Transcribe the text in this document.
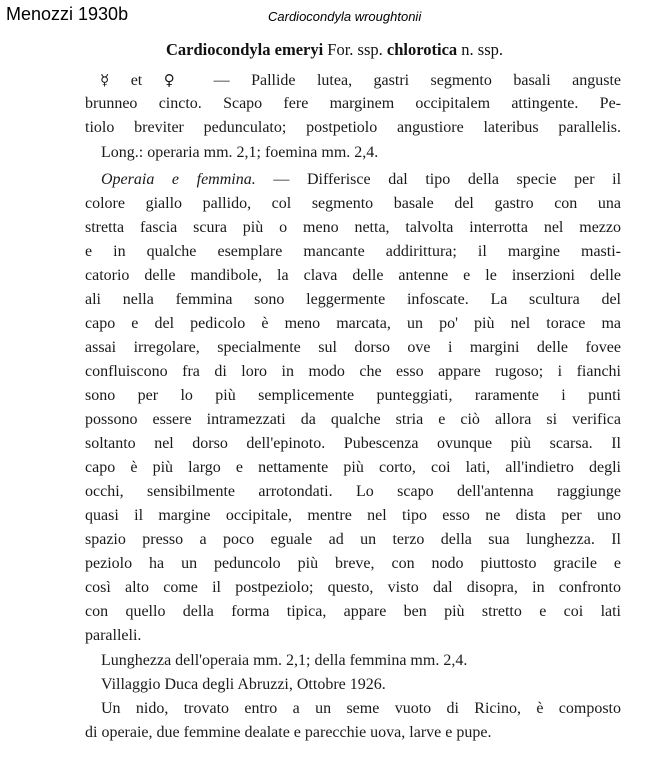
Menozzi 1930b	Cardiocondyla wroughtonii
Cardiocondyla emeryi For. ssp. chlorotica n. ssp.
☿ et ♀ — Pallide lutea, gastri segmento basali anguste
brunneo cincto. Scapo fere marginem occipitalem attingente. Pe-
tiolo breviter pedunculato; postpetiolo angustiore lateribus parallelis.
Long.: operaria mm. 2,1; foemina mm. 2,4.
Operaia e femmina. — Differisce dal tipo della specie per il
colore giallo pallido, col segmento basale del gastro con una
stretta fascia scura più o meno netta, talvolta interrotta nel mezzo
e in qualche esemplare mancante addirittura; il margine masti-
catorio delle mandibole, la clava delle antenne e le inserzioni delle
ali nella femmina sono leggermente infoscate. La scultura del
capo e del pedicolo è meno marcata, un po' più nel torace ma
assai irregolare, specialmente sul dorso ove i margini delle fovee
confluiscono fra di loro in modo che esso appare rugoso; i fianchi
sono per lo più semplicemente punteggiati, raramente i punti
possono essere intramezzati da qualche stria e ciò allora si verifica
soltanto nel dorso dell'epinoto. Pubescenza ovunque più scarsa. Il
capo è più largo e nettamente più corto, coi lati, all'indietro degli
occhi, sensibilmente arrotondati. Lo scapo dell'antenna raggiunge
quasi il margine occipitale, mentre nel tipo esso ne dista per uno
spazio presso a poco eguale ad un terzo della sua lunghezza. Il
peziolo ha un peduncolo più breve, con nodo piuttosto gracile e
così alto come il postpeziolo; questo, visto dal disopra, in confronto
con quello della forma tipica, appare ben più stretto e coi lati
paralleli.
Lunghezza dell'operaia mm. 2,1; della femmina mm. 2,4.
Villaggio Duca degli Abruzzi, Ottobre 1926.
Un nido, trovato entro a un seme vuoto di Ricino, è composto
di operaie, due femmine dealate e parecchie uova, larve e pupe.
